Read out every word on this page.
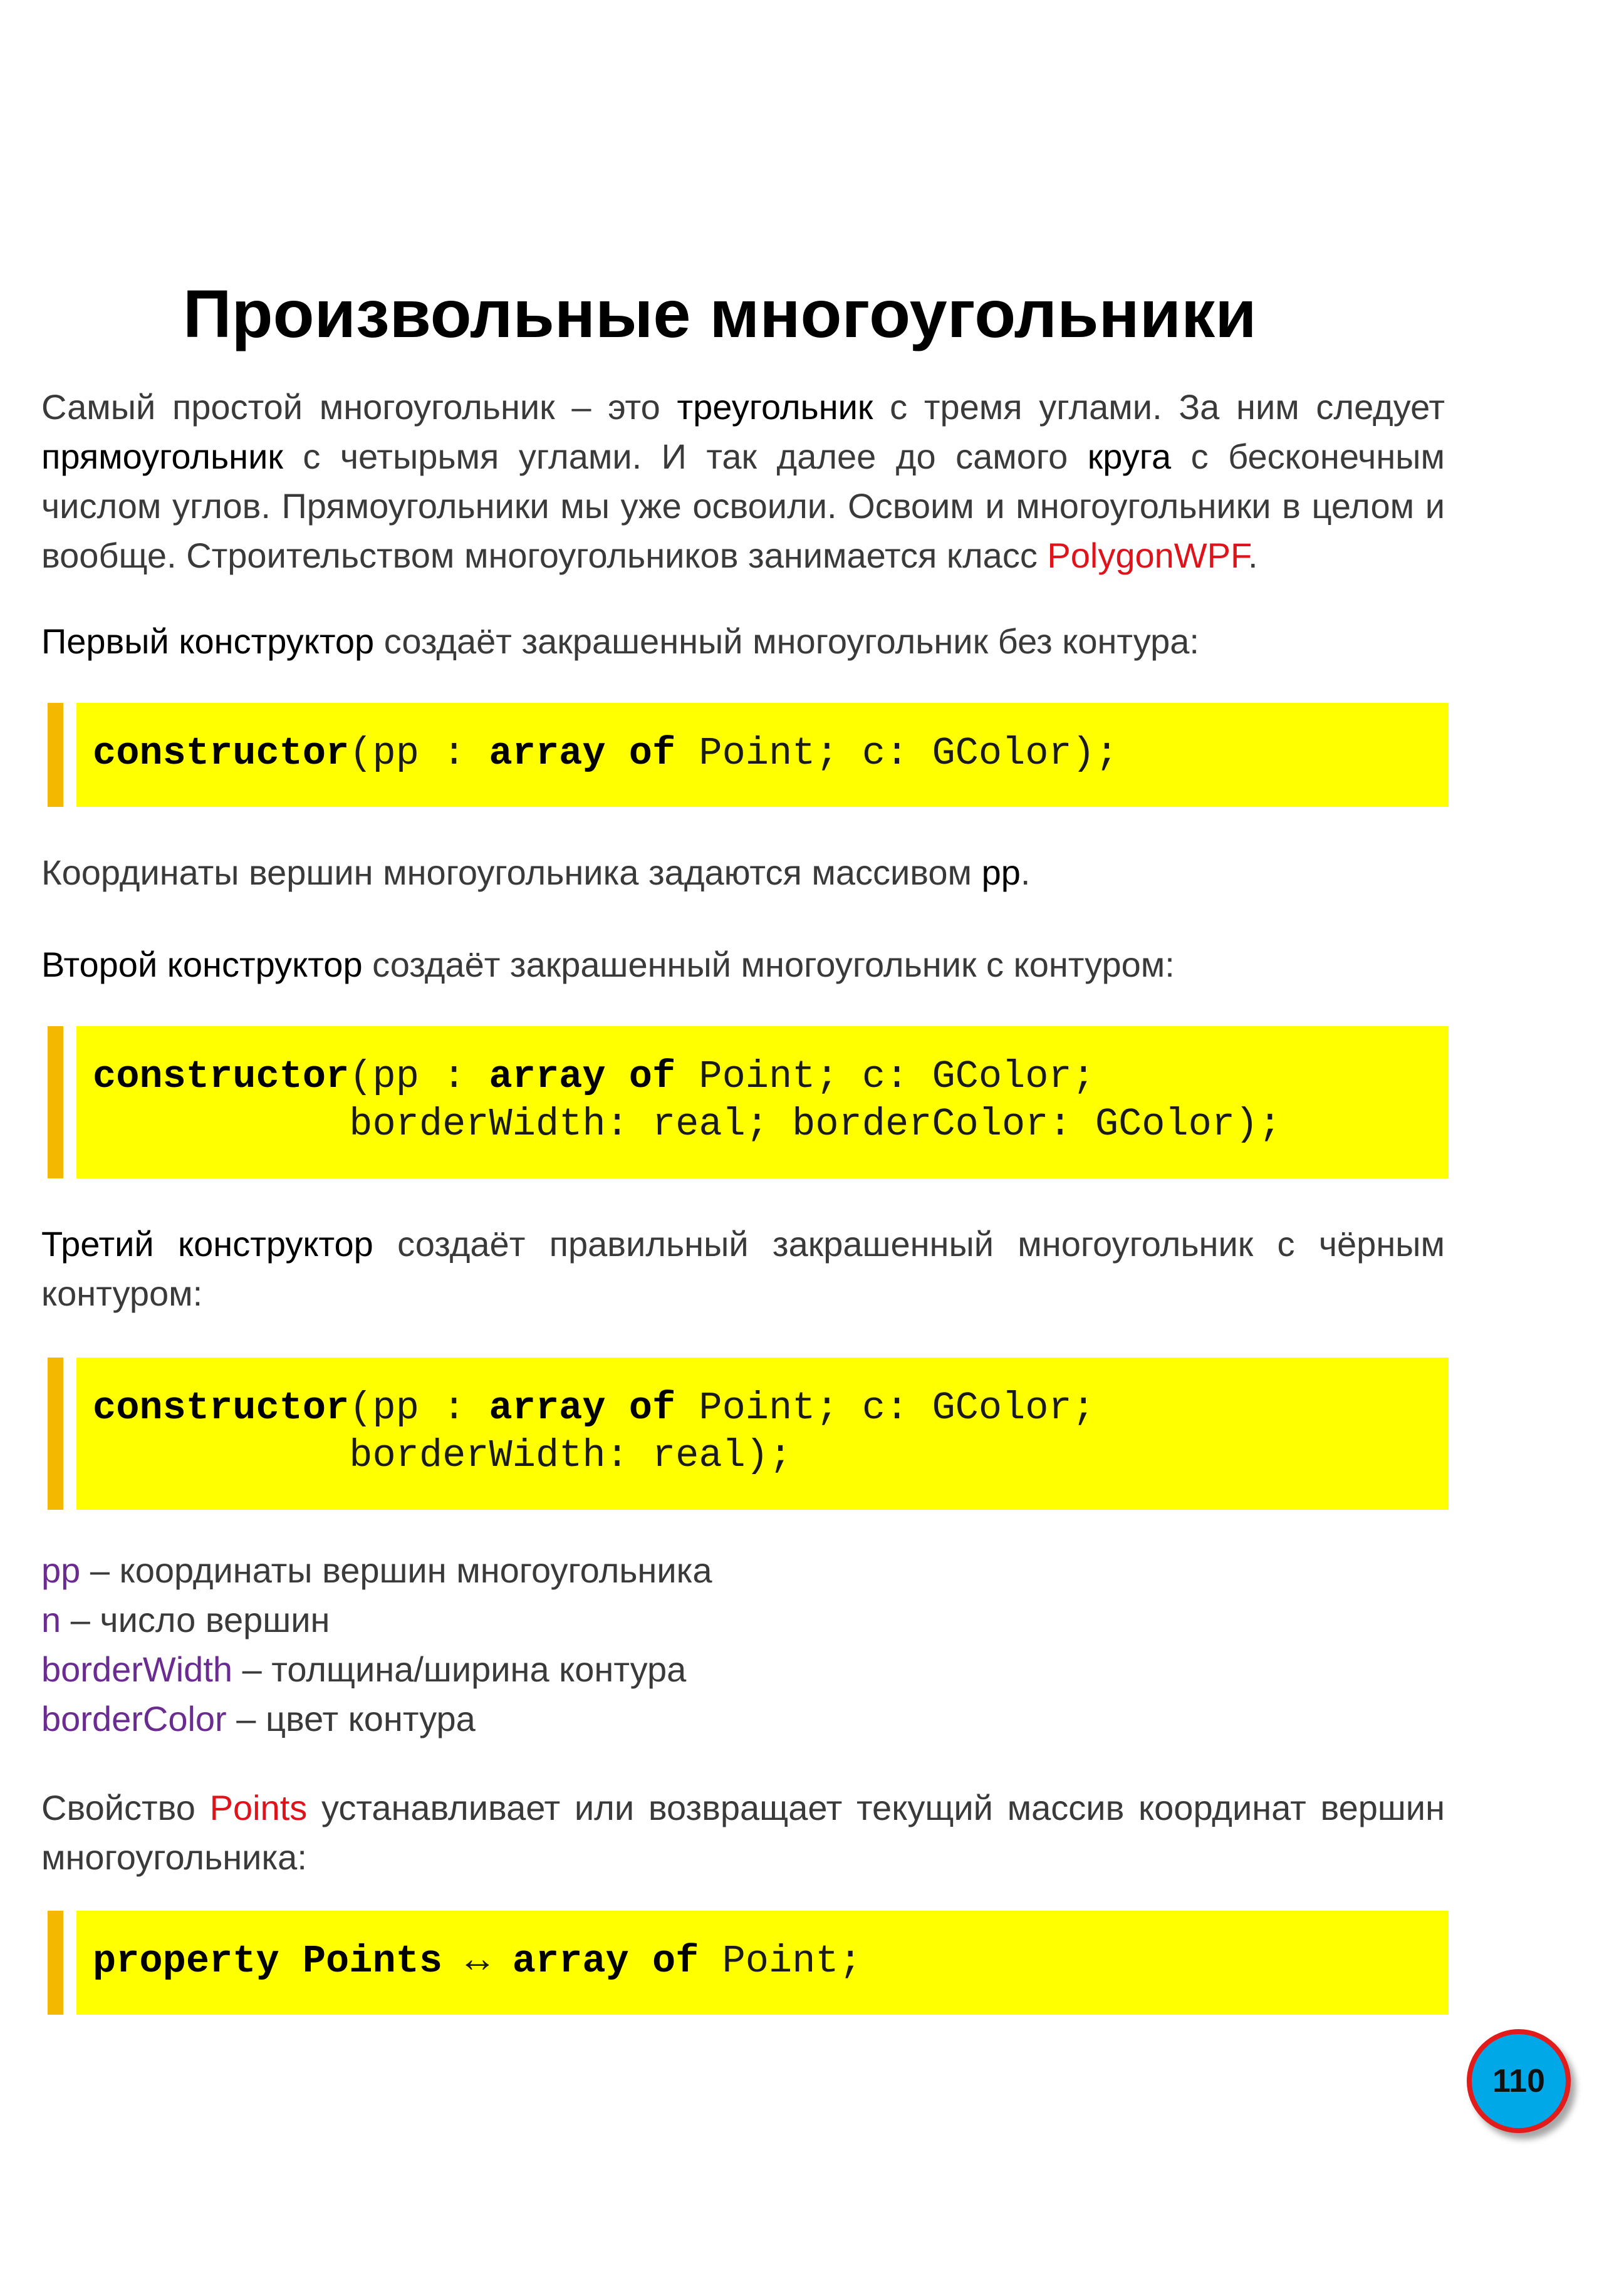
Произвольные многоугольники

Самый простой многоугольник – это треугольник с тремя углами. За ним следует прямоугольник с четырьмя углами. И так далее до самого круга с бесконечным числом углов. Прямоугольники мы уже освоили. Освоим и многоугольники в целом и вообще. Строительством многоугольников занимается класс PolygonWPF.

Первый конструктор создаёт закрашенный многоугольник без контура:

constructor(pp : array of Point; c: GColor);

Координаты вершин многоугольника задаются массивом pp.

Второй конструктор создаёт закрашенный многоугольник с контуром:

constructor(pp : array of Point; c: GColor;
borderWidth: real; borderColor: GColor);

Третий конструктор создаёт правильный закрашенный многоугольник с чёрным контуром:

constructor(pp : array of Point; c: GColor;
borderWidth: real);
pp – координаты вершин многоугольника
n – число вершин
borderWidth – толщина/ширина контура
borderColor – цвет контура

Свойство Points устанавливает или возвращает текущий массив координат вершин многоугольника:

property Points ↔ array of Point;
110
